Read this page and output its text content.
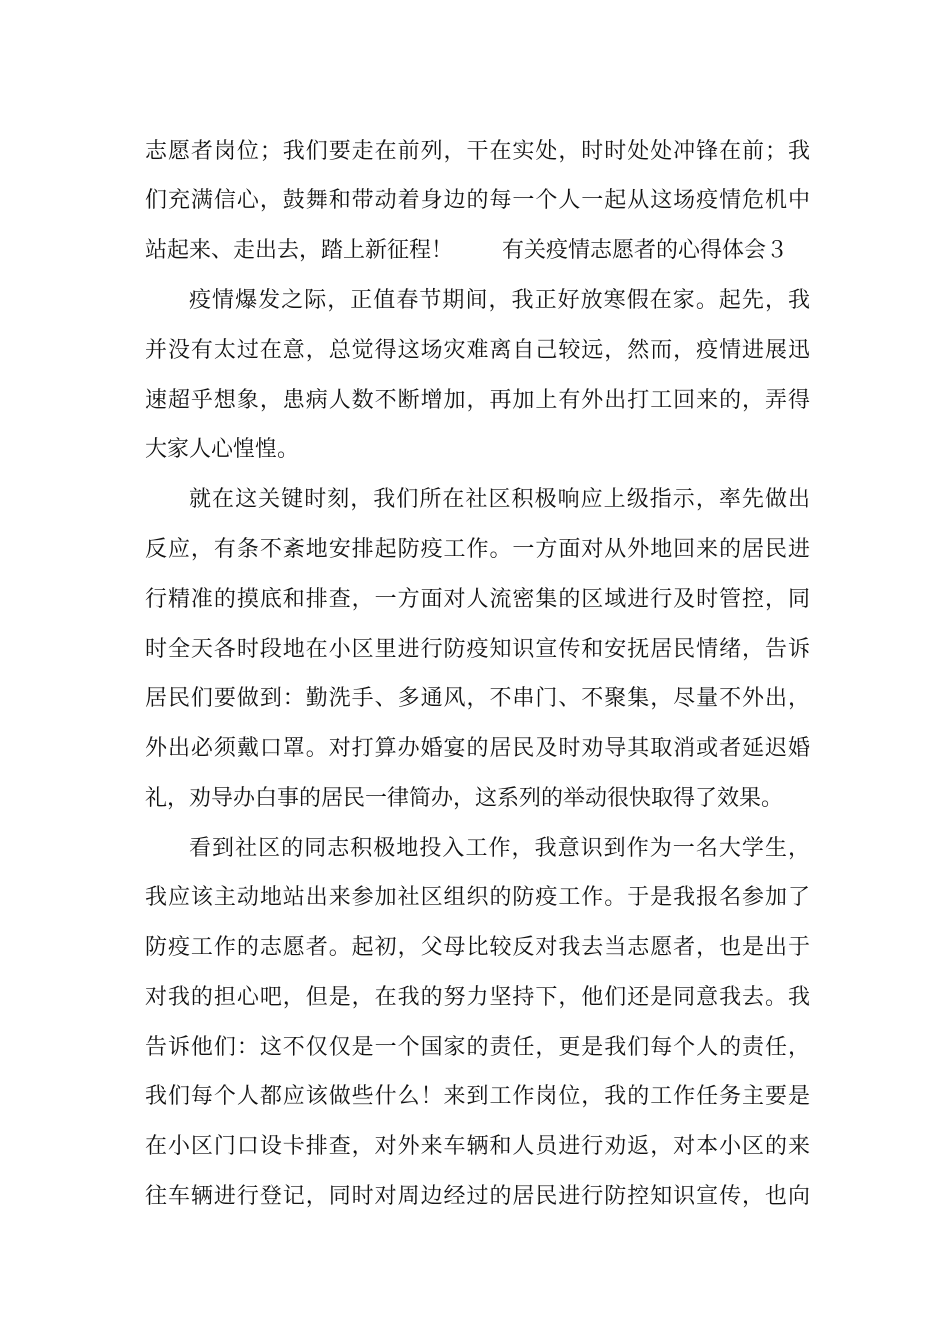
志愿者岗位；我们要走在前列，干在实处，时时处处冲锋在前；我
们充满信心，鼓舞和带动着身边的每一个人一起从这场疫情危机中
站起来、走出去，踏上新征程！	有关疫情志愿者的心得体会３
疫情爆发之际，正值春节期间，我正好放寒假在家。起先，我
并没有太过在意，总觉得这场灾难离自己较远，然而，疫情进展迅
速超乎想象，患病人数不断增加，再加上有外出打工回来的，弄得
大家人心惶惶。
就在这关键时刻，我们所在社区积极响应上级指示，率先做出
反应，有条不紊地安排起防疫工作。一方面对从外地回来的居民进
行精准的摸底和排查，一方面对人流密集的区域进行及时管控，同
时全天各时段地在小区里进行防疫知识宣传和安抚居民情绪，告诉
居民们要做到：勤洗手、多通风，不串门、不聚集，尽量不外出，
外出必须戴口罩。对打算办婚宴的居民及时劝导其取消或者延迟婚
礼，劝导办白事的居民一律简办，这系列的举动很快取得了效果。
看到社区的同志积极地投入工作，我意识到作为一名大学生，
我应该主动地站出来参加社区组织的防疫工作。于是我报名参加了
防疫工作的志愿者。起初，父母比较反对我去当志愿者，也是出于
对我的担心吧，但是，在我的努力坚持下，他们还是同意我去。我
告诉他们：这不仅仅是一个国家的责任，更是我们每个人的责任，
我们每个人都应该做些什么！来到工作岗位，我的工作任务主要是
在小区门口设卡排查，对外来车辆和人员进行劝返，对本小区的来
往车辆进行登记，同时对周边经过的居民进行防控知识宣传，也向
